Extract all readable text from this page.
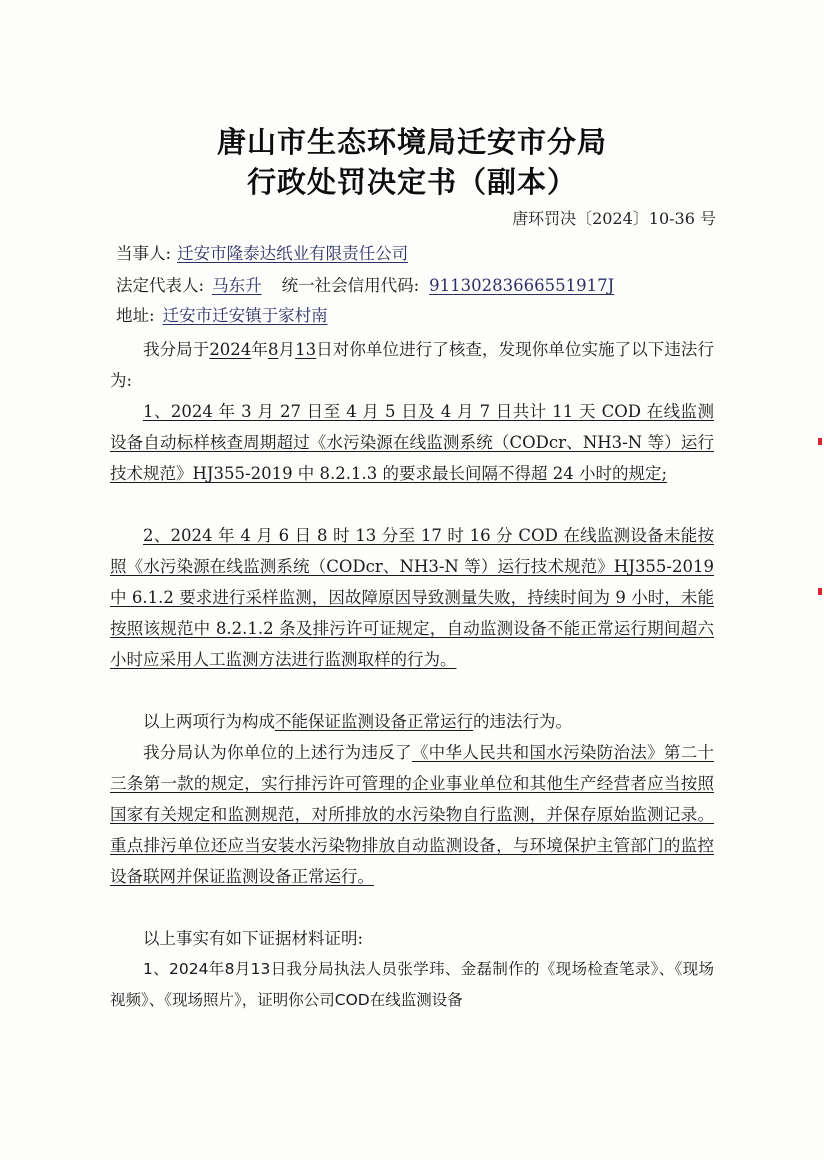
唐山市生态环境局迁安市分局
行政处罚决定书（副本）
唐环罚决〔2024〕10-36 号
当事人: 迁安市隆泰达纸业有限责任公司
法定代表人: 马东升 统一社会信用代码: 91130283666551917J
地址: 迁安市迁安镇于家村南
我分局于2024年8月13日对你单位进行了核查，发现你单位实施了以下违法行为:
1、2024 年 3 月 27 日至 4 月 5 日及 4 月 7 日共计 11 天 COD 在线监测设备自动标样核查周期超过《水污染源在线监测系统（CODcr、NH3-N 等）运行技术规范》HJ355-2019 中 8.2.1.3 的要求最长间隔不得超 24 小时的规定;
2、2024 年 4 月 6 日 8 时 13 分至 17 时 16 分 COD 在线监测设备未能按照《水污染源在线监测系统（CODcr、NH3-N 等）运行技术规范》HJ355-2019 中 6.1.2 要求进行采样监测，因故障原因导致测量失败，持续时间为 9 小时，未能按照该规范中 8.2.1.2 条及排污许可证规定，自动监测设备不能正常运行期间超六小时应采用人工监测方法进行监测取样的行为。
以上两项行为构成不能保证监测设备正常运行的违法行为。
我分局认为你单位的上述行为违反了《中华人民共和国水污染防治法》第二十三条第一款的规定，实行排污许可管理的企业事业单位和其他生产经营者应当按照国家有关规定和监测规范，对所排放的水污染物自行监测，并保存原始监测记录。重点排污单位还应当安装水污染物排放自动监测设备，与环境保护主管部门的监控设备联网并保证监测设备正常运行。
以上事实有如下证据材料证明:
1、2024年8月13日我分局执法人员张学玮、金磊制作的《现场检查笔录》、《现场视频》、《现场照片》，证明你公司COD在线监测设备
